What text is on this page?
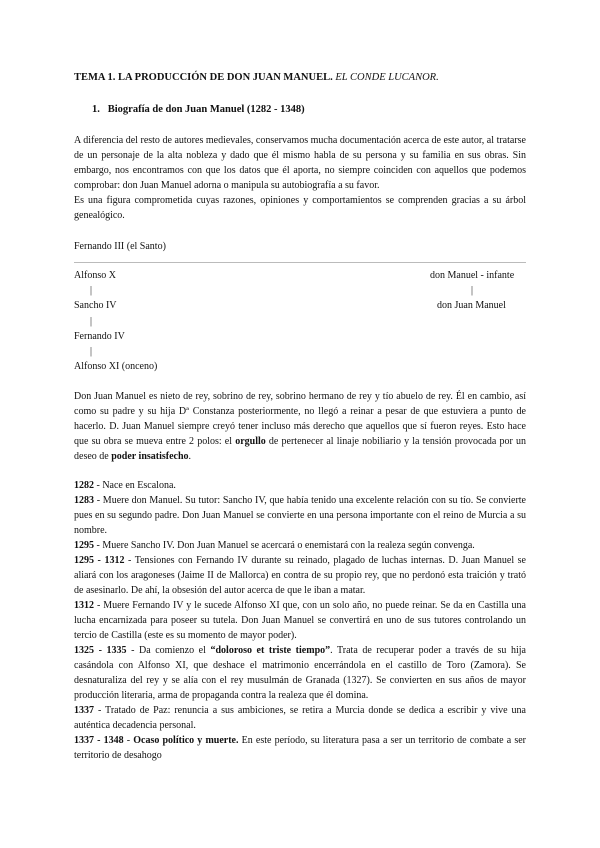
TEMA 1. LA PRODUCCIÓN DE DON JUAN MANUEL. EL CONDE LUCANOR.
1. Biografía de don Juan Manuel (1282 - 1348)
A diferencia del resto de autores medievales, conservamos mucha documentación acerca de este autor, al tratarse de un personaje de la alta nobleza y dado que él mismo habla de su persona y su familia en sus obras. Sin embargo, nos encontramos con que los datos que él aporta, no siempre coinciden con aquellos que podemos comprobar: don Juan Manuel adorna o manipula su autobiografía a su favor.
Es una figura comprometida cuyas razones, opiniones y comportamientos se comprenden gracias a su árbol genealógico.
Fernando III (el Santo)
Alfonso X
|
Sancho IV
|
Fernando IV
|
Alfonso XI (onceno)
don Manuel - infante
|
don Juan Manuel
Don Juan Manuel es nieto de rey, sobrino de rey, sobrino hermano de rey y tío abuelo de rey. Él en cambio, así como su padre y su hija Dª Constanza posteriormente, no llegó a reinar a pesar de que estuviera a punto de hacerlo. D. Juan Manuel siempre creyó tener incluso más derecho que aquellos que sí fueron reyes. Esto hace que su obra se mueva entre 2 polos: el orgullo de pertenecer al linaje nobiliario y la tensión provocada por un deseo de poder insatisfecho.
1282 - Nace en Escalona.
1283 - Muere don Manuel. Su tutor: Sancho IV, que había tenido una excelente relación con su tío. Se convierte pues en su segundo padre. Don Juan Manuel se convierte en una persona importante con el reino de Murcia a su nombre.
1295 - Muere Sancho IV. Don Juan Manuel se acercará o enemistará con la realeza según convenga.
1295 - 1312 - Tensiones con Fernando IV durante su reinado, plagado de luchas internas. D. Juan Manuel se aliará con los aragoneses (Jaime II de Mallorca) en contra de su propio rey, que no perdonó esta traición y trató de asesinarlo. De ahí, la obsesión del autor acerca de que le iban a matar.
1312 - Muere Fernando IV y le sucede Alfonso XI que, con un solo año, no puede reinar. Se da en Castilla una lucha encarnizada para poseer su tutela. Don Juan Manuel se convertirá en uno de sus tutores controlando un tercio de Castilla (este es su momento de mayor poder).
1325 - 1335 - Da comienzo el “doloroso et triste tiempo”. Trata de recuperar poder a través de su hija casándola con Alfonso XI, que deshace el matrimonio encerrándola en el castillo de Toro (Zamora). Se desnaturaliza del rey y se alía con el rey musulmán de Granada (1327). Se convierten en sus años de mayor producción literaria, arma de propaganda contra la realeza que él domina.
1337 - Tratado de Paz: renuncia a sus ambiciones, se retira a Murcia donde se dedica a escribir y vive una auténtica decadencia personal.
1337 - 1348 - Ocaso político y muerte. En este período, su literatura pasa a ser un territorio de combate a ser territorio de desahogo
